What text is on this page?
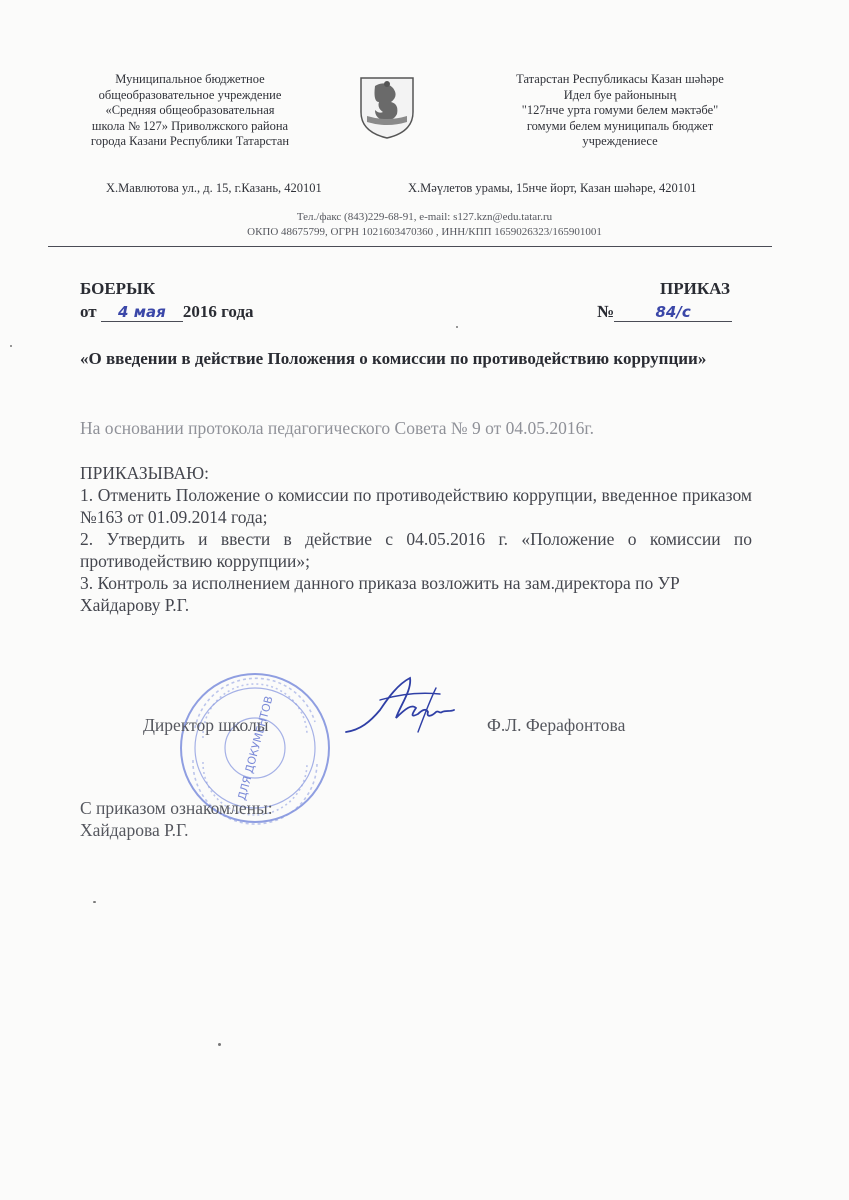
Муниципальное бюджетное
общеобразовательное учреждение
«Средняя общеобразовательная
школа № 127» Приволжского района
города Казани Республики Татарстан
Татарстан Республикасы Казан шәһәре
Идел буе районының
"127нче урта гомуми белем мәктәбе"
гомуми белем муниципаль бюджет
учреждениесе
Х.Мавлютова ул., д. 15, г.Казань, 420101	Х.Мәүлетов урамы, 15нче йорт, Казан шәһәре, 420101
Тел./факс (843)229-68-91, e-mail: s127.kzn@edu.tatar.ru
ОКПО 48675799, ОГРН 1021603470360 , ИНН/КПП 1659026323/165901001
БОЕРЫК	ПРИКАЗ
от 4 мая 2016 года	№	84/с
«О введении в действие Положения о комиссии по противодействию коррупции»
На основании протокола педагогического Совета № 9 от 04.05.2016г.

ПРИКАЗЫВАЮ:

1. Отменить Положение о комиссии по противодействию коррупции, введенное приказом №163 от 01.09.2014 года;

2. Утвердить и ввести в действие с 04.05.2016 г. «Положение о комиссии по противодействию коррупции»;

3. Контроль за исполнением данного приказа возложить на зам.директора по УР Хайдарову Р.Г.

ДЛЯ ДОКУМЕНТОВ
Директор школы	Ф.Л. Ферафонтова
С приказом ознакомлены:
Хайдарова Р.Г.
